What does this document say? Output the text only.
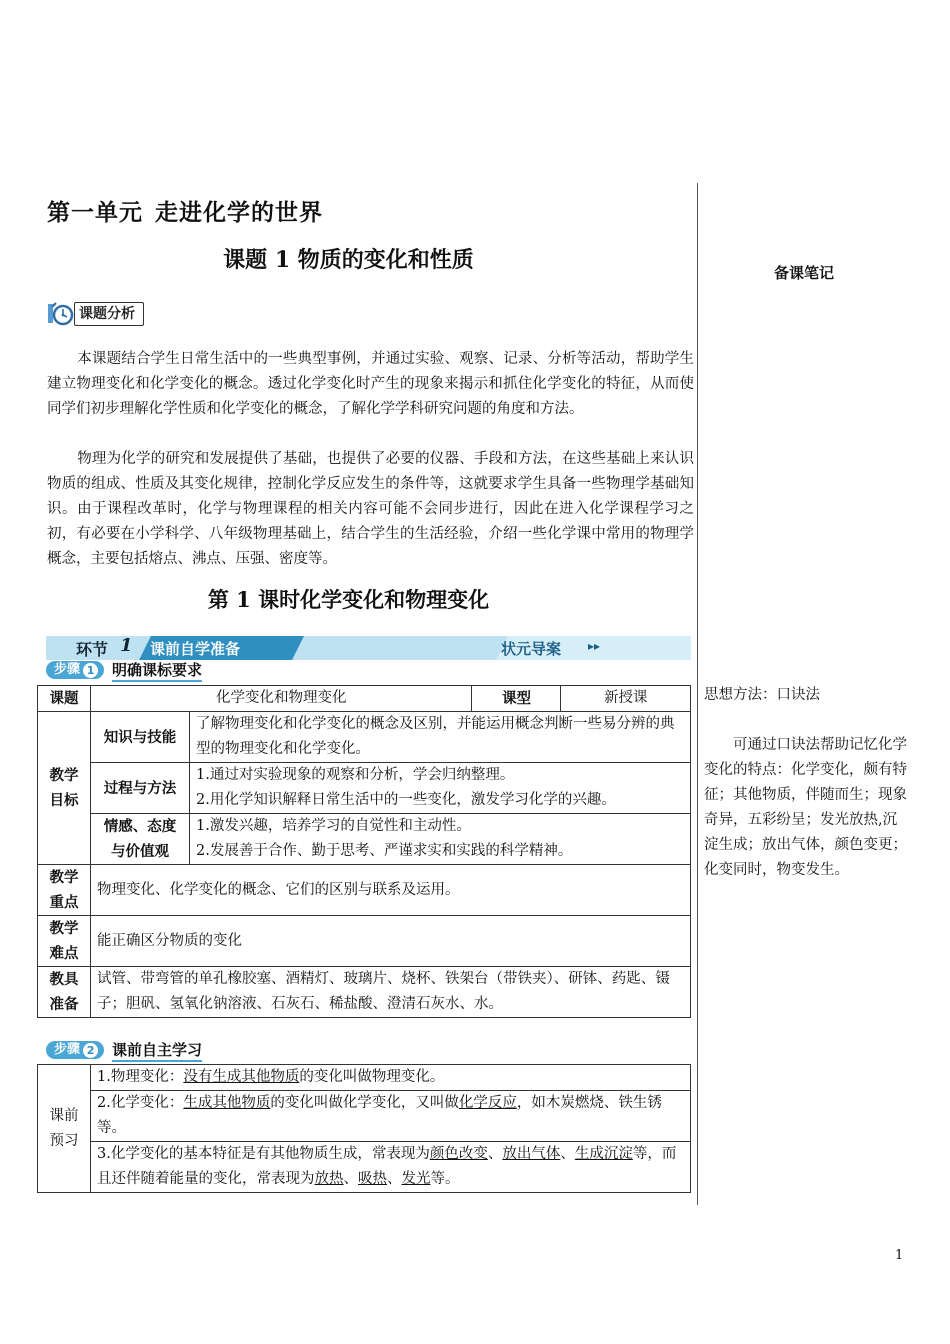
第一单元 走进化学的世界
课题 1 物质的变化和性质	备课笔记
课题分析
本课题结合学生日常生活中的一些典型事例，并通过实验、观察、记录、分析等活动，帮助学生建立物理变化和化学变化的概念。透过化学变化时产生的现象来揭示和抓住化学变化的特征，从而使同学们初步理解化学性质和化学变化的概念，了解化学学科研究问题的角度和方法。
物理为化学的研究和发展提供了基础，也提供了必要的仪器、手段和方法，在这些基础上来认识物质的组成、性质及其变化规律，控制化学反应发生的条件等，这就要求学生具备一些物理学基础知识。由于课程改革时，化学与物理课程的相关内容可能不会同步进行，因此在进入化学课程学习之初，有必要在小学科学、八年级物理基础上，结合学生的生活经验，介绍一些化学课中常用的物理学概念，主要包括熔点、沸点、压强、密度等。
第 1 课时化学变化和物理变化
环节 1 课前自学准备	状元导案 ▸▸
步骤 1 明确课标要求
课题	化学变化和物理变化		课型	新授课
教学目标	知识与技能	了解物理变化和化学变化的概念及区别，并能运用概念判断一些易分辨的典型的物理变化和化学变化。		

	过程与方法	1.通过对实验现象的观察和分析，学会归纳整理。
2.用化学知识解释日常生活中的一些变化，激发学习化学的兴趣。		

	情感、态度与价值观	1.激发兴趣，培养学习的自觉性和主动性。
2.发展善于合作、勤于思考、严谨求实和实践的科学精神。		

教学重点	物理变化、化学变化的概念、它们的区别与联系及运用。			
教学难点	能正确区分物质的变化			
教具准备	试管、带弯管的单孔橡胶塞、酒精灯、玻璃片、烧杯、铁架台（带铁夹）、研钵、药匙、镊子；胆矾、氢氧化钠溶液、石灰石、稀盐酸、澄清石灰水、水。			
步骤 2 课前自主学习
课前预习	1.物理变化：没有生成其他物质的变化叫做物理变化。
2.化学变化：生成其他物质的变化叫做化学变化，又叫做化学反应，如木炭燃烧、铁生锈等。
3.化学变化的基本特征是有其他物质生成，常表现为颜色改变、放出气体、生成沉淀等，而且还伴随着能量的变化，常表现为放热、吸热、发光等。
思想方法：口诀法
可通过口诀法帮助记忆化学变化的特点：化学变化，颇有特征；其他物质，伴随而生；现象奇异，五彩纷呈；发光放热,沉淀生成；放出气体，颜色变更；化变同时，物变发生。
1
